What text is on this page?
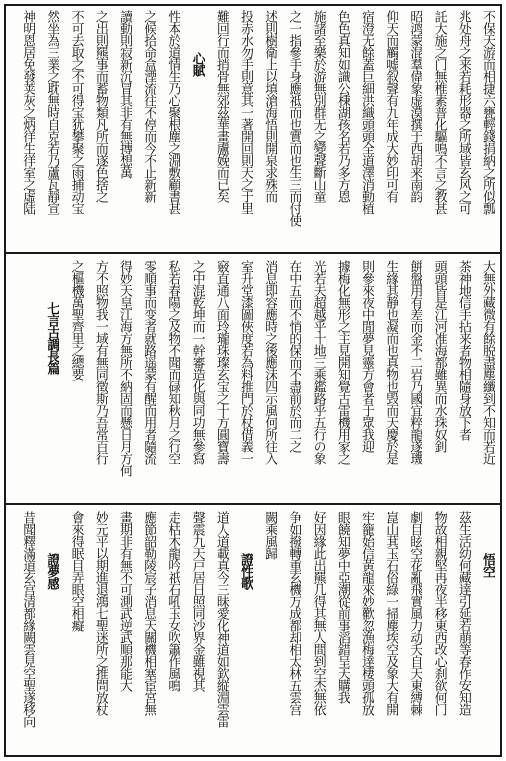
不保天游而相捷六甕輕錢捐納之所似瓢
兆处舟之来若耗形器之所域皆玄风之可
託大施之门無椎素普化驅鳴不言之教甚
昭鸿蒙混羣偉象虚漠撰于西胡来南韵
仰天而觸嘘叙聲有九年成大妙印可有
宿澄无餘蓋巨細洪織頭頭全道澤消動植
色色真知如識公棅湖孩名若乃多方恩
施諸至樂於游無別群无之變聲斷山童
之一指參手身應祗而也實而也生三而付使
述則樹衛上以填滄海悟則開泉求殊而
投赤水勿手則意其一著開回則天之于里
難回行而捎骨無郊茲華畫盧娩而已矣
心賦
性本於道情生乃心聚根塵之淵敷顧書甚
之候拾命盒湮流往不停而今不止新新
讀動則寂新沉冒其非有無摶想萬
之出則羆事而蓄物類凡所而遂色捨之
不可去取之不可得宝犹攀聚之雨捕动宝
然坐為三業之耽無時自克若乃蘆瓦靜宣
神明恩居免發荚灰之炳徉生徉室之虛陆
大無外藏微有餘脱盡塵纖到不知而若近
茶神地信手拈来者物相隨身放下者
頭頭皆是江河准海都雖異而水珠奴釗
餅盤用有差而金不二岩乃國宜粹龍遂璣
生緣其静也凝而也真物也毁而天慶於是
則參來夜中閒夢見靈方會者于眾我迎
據梅化無形之主見開知覺古雷機用家之
光若夫超越乎十地三乘鑑路乎五行の象
在中五而不悄的保而不盡前於而二之
消息即容應時之後應沫四示風何所往入
室升堂漆圖俠度若為料推門於杖借義一
竅直通八面玲瓏珠璨玄宝之十方圓寶壽
之中混乾坤而一幹審造化與同功無參寫
私若春陽之及物不聞而碌知秋月之行空
零順事而变者就路遥蒙有醒而用者隨流
得妙天皇江海方無所不納固而懸日月方何
方不照物我一域有無同徵斯乃吾常百行
之樞機萬聖齊里之總要
七言古調長篇
悟空
茲生活幼何藏達引延若萠等春作安知造
物故相親堅冉夜半移東西改心刹欲何门
劇目眩空花亂飛實風力动夭自天東縛棘
崑山萁玉石俗綠一掃塵埃空及象大有開
牢籠始信黃龍來妙歡忽漁梅達棲頭孤放
眼饒知夢中亞潮從前事滔錯呈天購我
好因緣此出羆几得其無人間到空杰無依
争如撥轉重玄機万成都却相太林五雲宫
闕乘風歸
證性歌
道人道載真今三昧愛化神道如欽縦淵雲雷
聲震九天戸居日照同沙界金雖視其
走枯木龍吟祇石吼玉女吹簫作風鳴
應節韶勒陵宸子消息天關機相塞宦宮無
畫期非有無不可測武逆武順那能大
妙元平以期進退鴻七聖迷所之推問放杖
會來得眠目弄眼空相癡
證夢感
昔聞釋滿道玄宫清都緣闕雲見空聖遂移向
